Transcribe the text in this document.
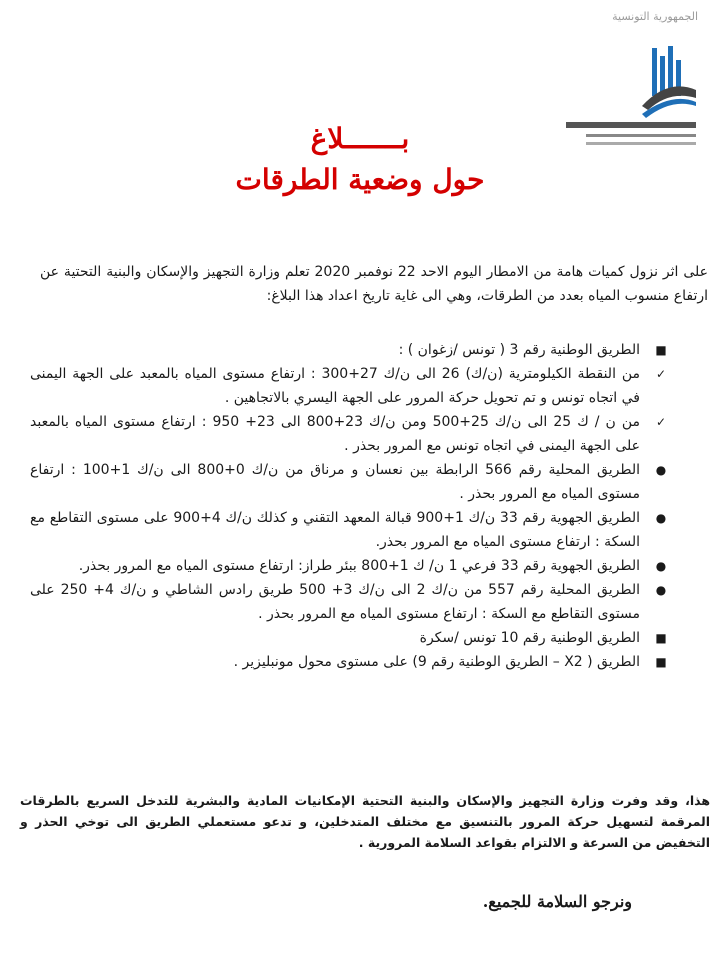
الجمهورية التونسية
بـــــــلاغ
حول وضعية الطرقات
على اثر نزول كميات هامة من الامطار اليوم الاحد 22 نوفمبر 2020 تعلم وزارة التجهيز والإسكان والبنية التحتية عن ارتفاع منسوب المياه بعدد من الطرقات، وهي الى غاية تاريخ اعداد هذا البلاغ:
■
الطريق الوطنية رقم 3 ( تونس /زغوان ) :
✓
من النقطة الكيلومترية (ن/ك) 26 الى ن/ك 27+300 : ارتفاع مستوى المياه بالمعبد على الجهة اليمنى في اتجاه تونس و تم تحويل حركة المرور على الجهة اليسري بالاتجاهين .
✓
من ن / ك 25 الى ن/ك 25+500 ومن ن/ك 23+800 الى 23+ 950 : ارتفاع مستوى المياه بالمعبد على الجهة اليمنى في اتجاه تونس مع المرور بحذر .
●
الطريق المحلية رقم 566 الرابطة بين نعسان و مرناق من ن/ك 0+800 الى ن/ك 1+100 : ارتفاع مستوى المياه مع المرور بحذر .
●
الطريق الجهوية رقم 33 ن/ك 1+900 قبالة المعهد التقني و كذلك ن/ك 4+900 على مستوى التقاطع مع السكة : ارتفاع مستوى المياه مع المرور بحذر.
●
الطريق الجهوية رقم 33 فرعي 1 ن/ ك 1+800 ببئر طراز: ارتفاع مستوى المياه مع المرور بحذر.
●
الطريق المحلية رقم 557 من ن/ك 2 الى ن/ك 3+ 500 طريق رادس الشاطي و ن/ك 4+ 250 على مستوى التقاطع مع السكة : ارتفاع مستوى المياه مع المرور بحذر .
■
الطريق الوطنية رقم 10 تونس /سكرة
■
الطريق ( X2 – الطريق الوطنية رقم 9) على مستوى محول مونبليزير .
هذا، وقد وفرت وزارة التجهيز والإسكان والبنية التحتية الإمكانيات المادية والبشرية للتدخل السريع بالطرقات المرقمة لتسهيل حركة المرور بالتنسيق مع مختلف المتدخلين، و تدعو مستعملي الطريق الى توخي الحذر و التخفيض من السرعة و الالتزام بقواعد السلامة المرورية .
ونرجو السلامة للجميع.
